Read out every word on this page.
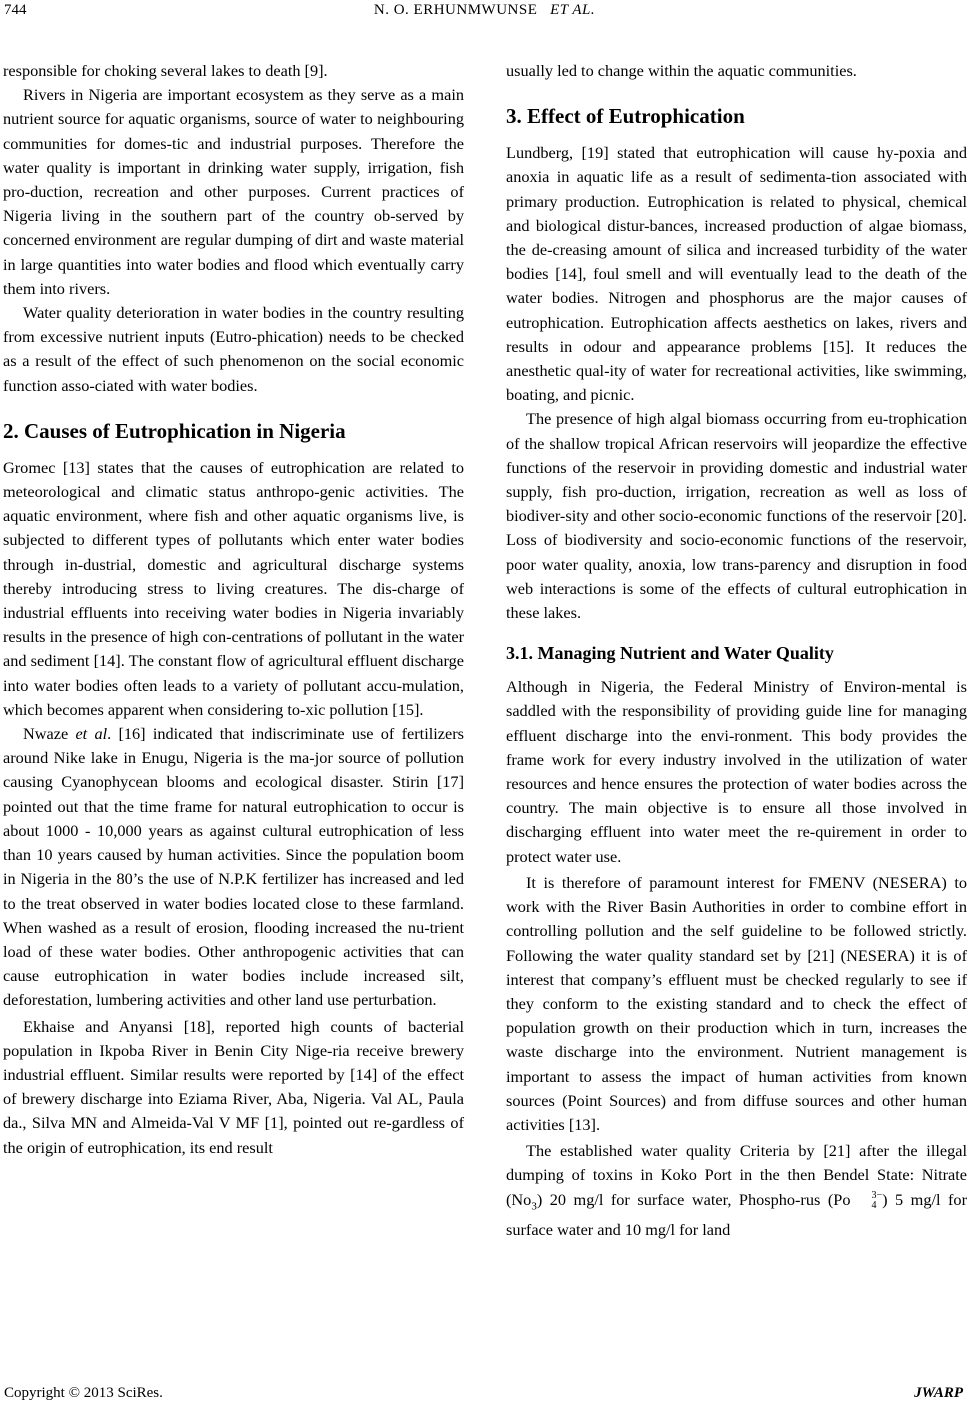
744	N. O. ERHUNMWUNSE ET AL.

responsible for choking several lakes to death [9].

Rivers in Nigeria are important ecosystem as they serve as a main nutrient source for aquatic organisms, source of water to neighbouring communities for domes-tic and industrial purposes. Therefore the water quality is important in drinking water supply, irrigation, fish pro-duction, recreation and other purposes. Current practices of Nigeria living in the southern part of the country ob-served by concerned environment are regular dumping of dirt and waste material in large quantities into water bodies and flood which eventually carry them into rivers.

Water quality deterioration in water bodies in the country resulting from excessive nutrient inputs (Eutro-phication) needs to be checked as a result of the effect of such phenomenon on the social economic function asso-ciated with water bodies.

2. Causes of Eutrophication in Nigeria

Gromec [13] states that the causes of eutrophication are related to meteorological and climatic status anthropo-genic activities. The aquatic environment, where fish and other aquatic organisms live, is subjected to different types of pollutants which enter water bodies through in-dustrial, domestic and agricultural discharge systems thereby introducing stress to living creatures. The dis-charge of industrial effluents into receiving water bodies in Nigeria invariably results in the presence of high con-centrations of pollutant in the water and sediment [14]. The constant flow of agricultural effluent discharge into water bodies often leads to a variety of pollutant accu-mulation, which becomes apparent when considering to-xic pollution [15].

Nwaze et al. [16] indicated that indiscriminate use of fertilizers around Nike lake in Enugu, Nigeria is the ma-jor source of pollution causing Cyanophycean blooms and ecological disaster. Stirin [17] pointed out that the time frame for natural eutrophication to occur is about 1000 - 10,000 years as against cultural eutrophication of less than 10 years caused by human activities. Since the population boom in Nigeria in the 80’s the use of N.P.K fertilizer has increased and led to the treat observed in water bodies located close to these farmland. When washed as a result of erosion, flooding increased the nu-trient load of these water bodies. Other anthropogenic activities that can cause eutrophication in water bodies include increased silt, deforestation, lumbering activities and other land use perturbation.

Ekhaise and Anyansi [18], reported high counts of bacterial population in Ikpoba River in Benin City Nige-ria receive brewery industrial effluent. Similar results were reported by [14] of the effect of brewery discharge into Eziama River, Aba, Nigeria. Val AL, Paula da., Silva MN and Almeida-Val V MF [1], pointed out re-gardless of the origin of eutrophication, its end result

usually led to change within the aquatic communities.

3. Effect of Eutrophication

Lundberg, [19] stated that eutrophication will cause hy-poxia and anoxia in aquatic life as a result of sedimenta-tion associated with primary production. Eutrophication is related to physical, chemical and biological distur-bances, increased production of algae biomass, the de-creasing amount of silica and increased turbidity of the water bodies [14], foul smell and will eventually lead to the death of the water bodies. Nitrogen and phosphorus are the major causes of eutrophication. Eutrophication affects aesthetics on lakes, rivers and results in odour and appearance problems [15]. It reduces the anesthetic qual-ity of water for recreational activities, like swimming, boating, and picnic.

The presence of high algal biomass occurring from eu-trophication of the shallow tropical African reservoirs will jeopardize the effective functions of the reservoir in providing domestic and industrial water supply, fish pro-duction, irrigation, recreation as well as loss of biodiver-sity and other socio-economic functions of the reservoir [20]. Loss of biodiversity and socio-economic functions of the reservoir, poor water quality, anoxia, low trans-parency and disruption in food web interactions is some of the effects of cultural eutrophication in these lakes.

3.1. Managing Nutrient and Water Quality

Although in Nigeria, the Federal Ministry of Environ-mental is saddled with the responsibility of providing guide line for managing effluent discharge into the envi-ronment. This body provides the frame work for every industry involved in the utilization of water resources and hence ensures the protection of water bodies across the country. The main objective is to ensure all those involved in discharging effluent into water meet the re-quirement in order to protect water use.

It is therefore of paramount interest for FMENV (NESERA) to work with the River Basin Authorities in order to combine effort in controlling pollution and the self guideline to be followed strictly. Following the water quality standard set by [21] (NESERA) it is of interest that company’s effluent must be checked regularly to see if they conform to the existing standard and to check the effect of population growth on their production which in turn, increases the waste discharge into the environment. Nutrient management is important to assess the impact of human activities from known sources (Point Sources) and from diffuse sources and other human activities [13].

The established water quality Criteria by [21] after the illegal dumping of toxins in Koko Port in the then Bendel State: Nitrate $(No_3)$ 20 mg/l for surface water, Phospho-rus (Po	3−
4 ) 5 mg/l for surface water and 10 mg/l for land

Copyright © 2013 SciRes.	JWARP
